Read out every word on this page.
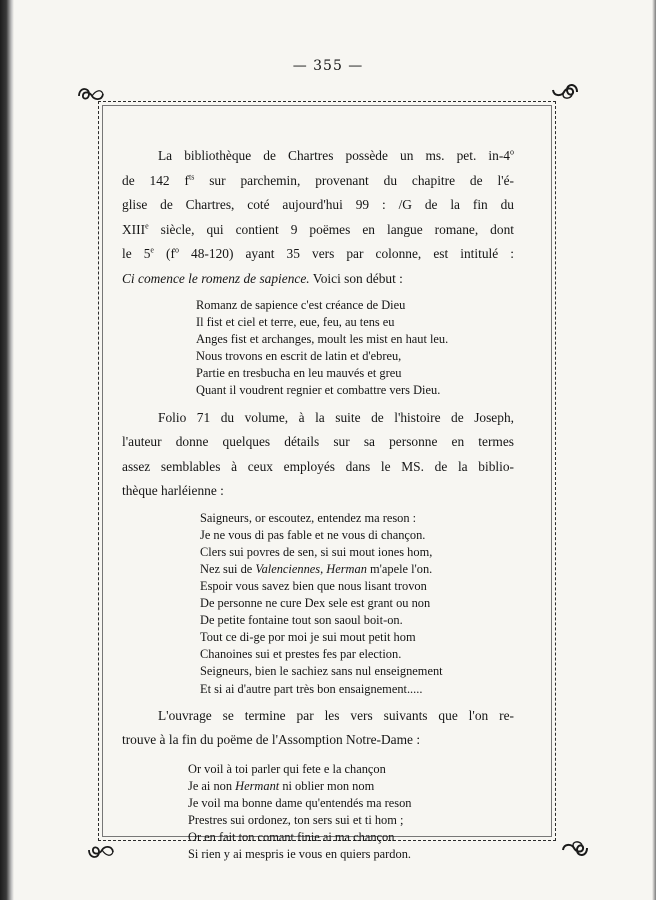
— 355 —

La bibliothèque de Chartres possède un ms. pet. in-4$^o$
de 142 $f^{ts}$ sur parchemin, provenant du chapitre de l'é-
glise de Chartres, coté aujourd'hui 99 : /G de la fin du
XIIIe siècle, qui contient 9 poëmes en langue romane, dont
le 5e ($f^o$ 48-120) ayant 35 vers par colonne, est intitulé :
Ci comence le romenz de sapience. Voici son début :

Romanz de sapience c'est créance de Dieu
Il fist et ciel et terre, eue, feu, au tens eu
Anges fist et archanges, moult les mist en haut leu.
Nous trovons en escrit de latin et d'ebreu,
Partie en tresbucha en leu mauvés et greu
Quant il voudrent regnier et combattre vers Dieu.

Folio 71 du volume, à la suite de l'histoire de Joseph,
l'auteur donne quelques détails sur sa personne en termes
assez semblables à ceux employés dans le MS. de la biblio-
thèque harléienne :

Saigneurs, or escoutez, entendez ma reson :
Je ne vous di pas fable et ne vous di chançon.
Clers sui povres de sen, si sui mout iones hom,
Nez sui de Valenciennes, Herman m'apele l'on.
Espoir vous savez bien que nous lisant trovon
De personne ne cure Dex sele est grant ou non
De petite fontaine tout son saoul boit-on.
Tout ce di-ge por moi je sui mout petit hom
Chanoines sui et prestes fes par election.
Seigneurs, bien le sachiez sans nul enseignement
Et si ai d'autre part très bon ensaignement.....

L'ouvrage se termine par les vers suivants que l'on re-
trouve à la fin du poëme de l'Assomption Notre-Dame :

Or voil à toi parler qui fete e la chançon
Je ai non Hermant ni oblier mon nom
Je voil ma bonne dame qu'entendés ma reson
Prestres sui ordonez, ton sers sui et ti hom ;
Or en fait ton comant finie ai ma chançon
Si rien y ai mespris ie vous en quiers pardon.
